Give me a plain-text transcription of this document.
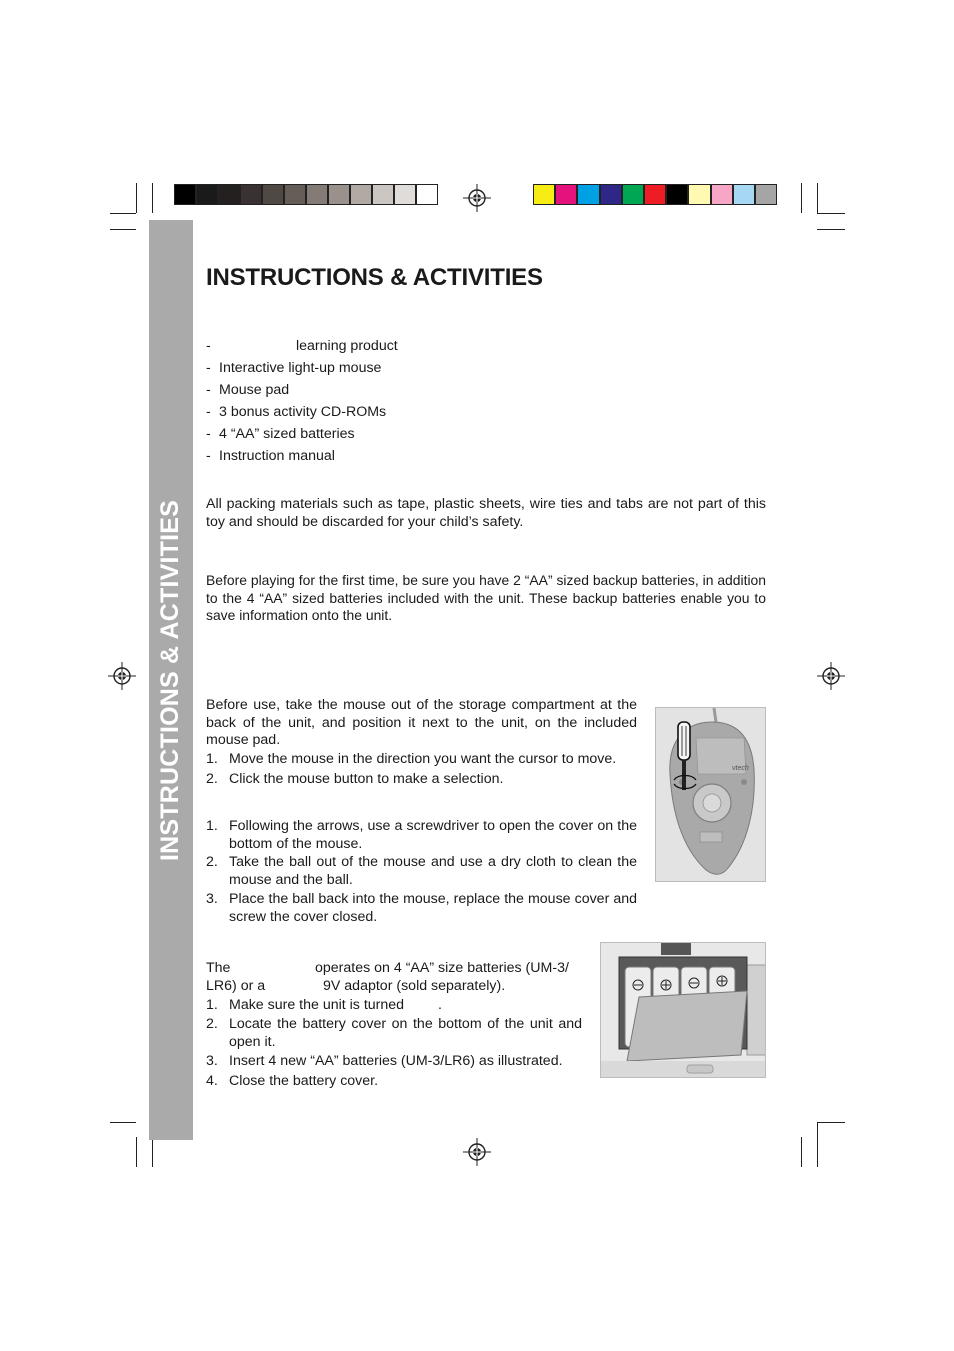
INSTRUCTIONS & ACTIVITIES
INSTRUCTIONS & ACTIVITIES
-	learning product
- Interactive light-up mouse
- Mouse pad
- 3 bonus activity CD-ROMs
- 4 “AA” sized batteries
- Instruction manual
All packing materials such as tape, plastic sheets, wire ties and tabs are not part of this toy and should be discarded for your child’s safety.
Before playing for the first time, be sure you have 2 “AA” sized backup batteries, in addition to the 4 “AA” sized batteries included with the unit. These backup batteries enable you to save information onto the unit.
Before use, take the mouse out of the storage compartment at the back of the unit, and position it next to the unit, on the included mouse pad.
1. Move the mouse in the direction you want the cursor to move.
2. Click the mouse button to make a selection.
1. Following the arrows, use a screwdriver to open the cover on the bottom of the mouse.
2. Take the ball out of the mouse and use a dry cloth to clean the mouse and the ball.
3. Place the ball back into the mouse, replace the mouse cover and screw the cover closed.
vtech
The	operates on 4 “AA” size batteries (UM-3/
LR6) or a	9V adaptor (sold separately).
1. Make sure the unit is turned .
2. Locate the battery cover on the bottom of the unit and open it.
3. Insert 4 new “AA” batteries (UM-3/LR6) as illustrated.
4. Close the battery cover.
